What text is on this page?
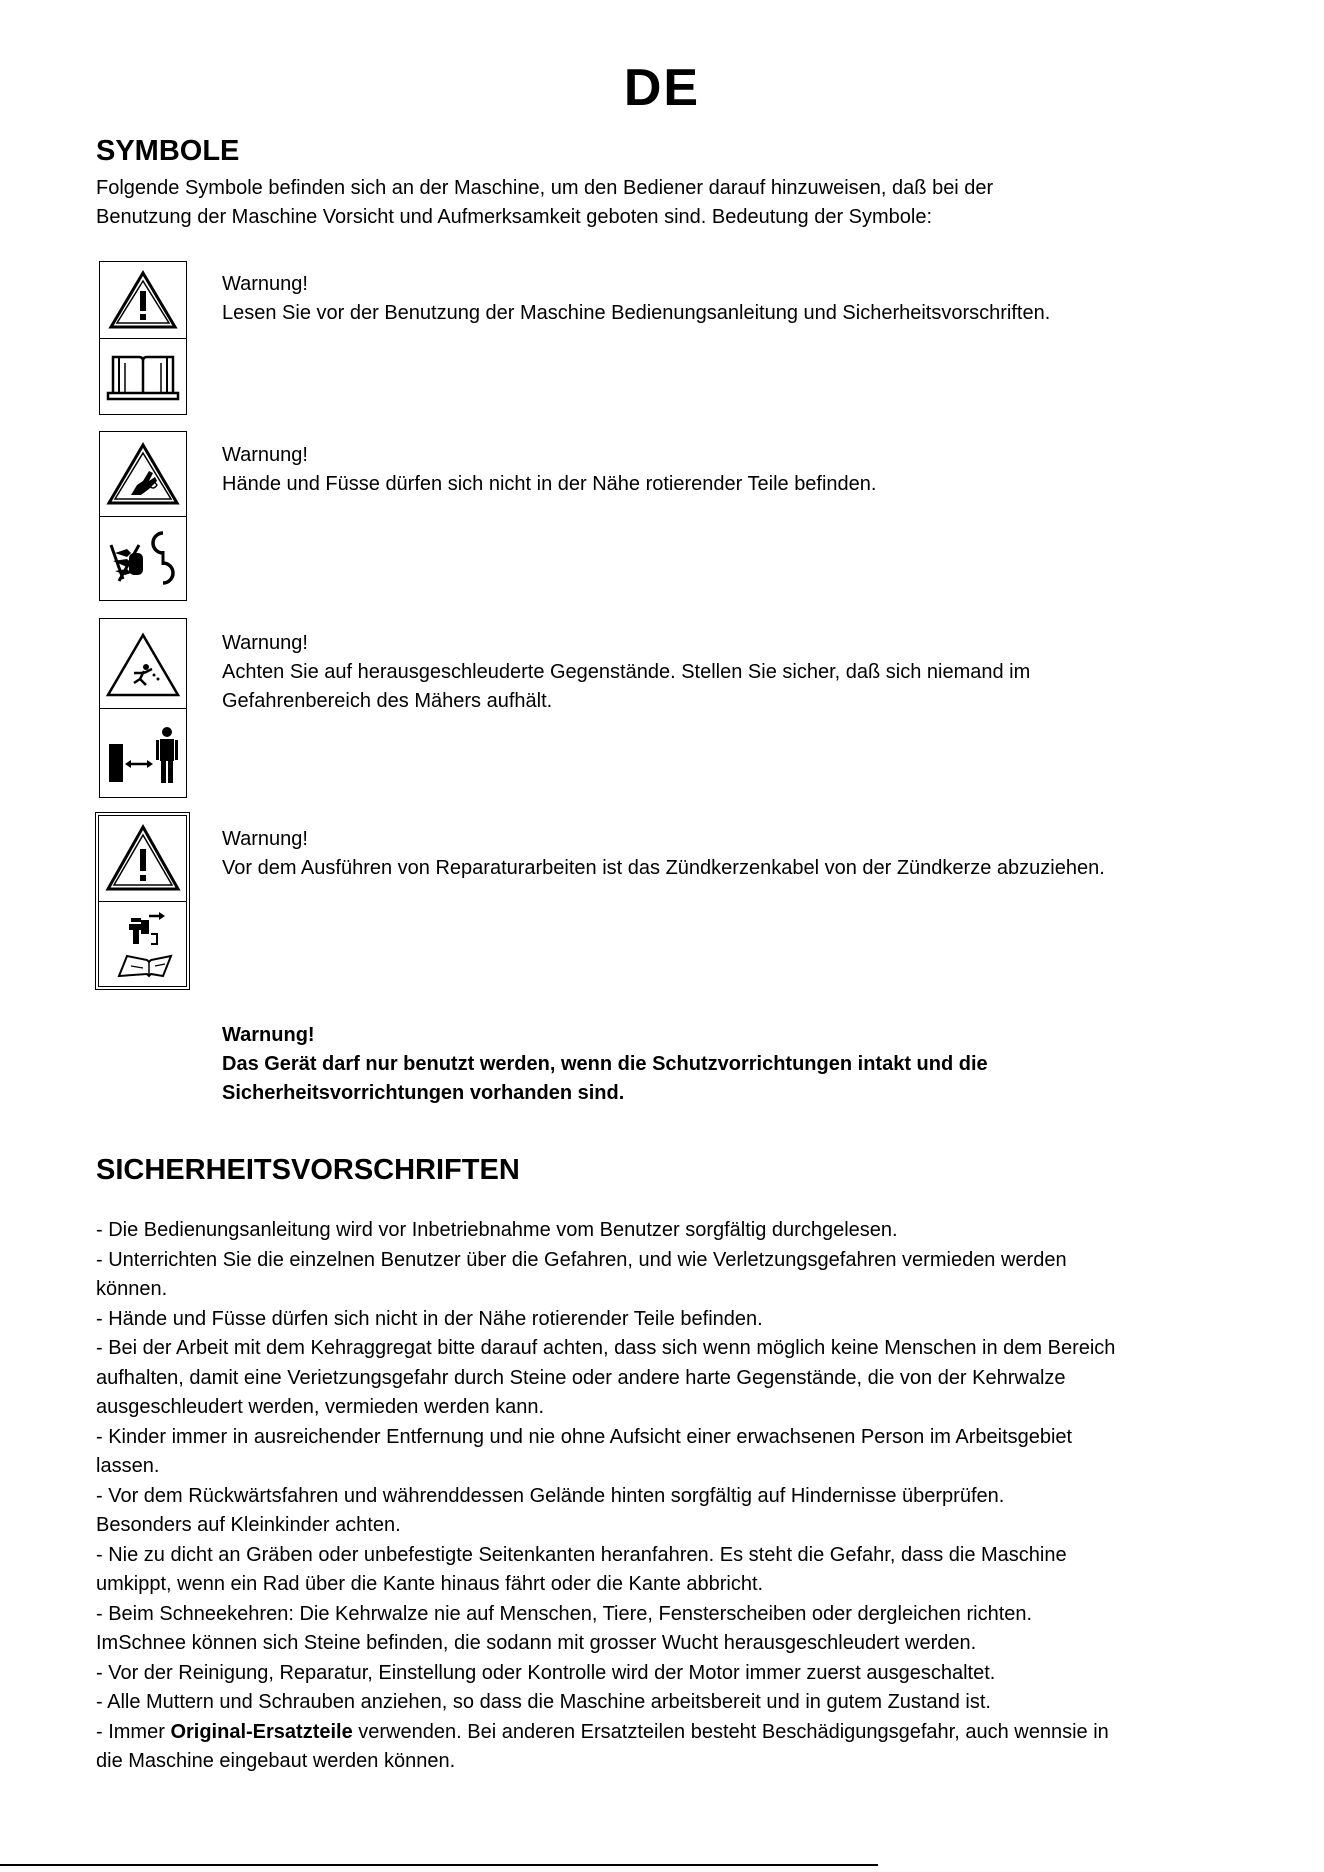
DE
SYMBOLE
Folgende Symbole befinden sich an der Maschine, um den Bediener darauf hinzuweisen, daß bei der
Benutzung der Maschine Vorsicht und Aufmerksamkeit geboten sind. Bedeutung der Symbole:
Warnung!
Lesen Sie vor der Benutzung der Maschine Bedienungsanleitung und Sicherheitsvorschriften.
Warnung!
Hände und Füsse dürfen sich nicht in der Nähe rotierender Teile befinden.
Warnung!
Achten Sie auf herausgeschleuderte Gegenstände. Stellen Sie sicher, daß sich niemand im
Gefahrenbereich des Mähers aufhält.
Warnung!
Vor dem Ausführen von Reparaturarbeiten ist das Zündkerzenkabel von der Zündkerze abzuziehen.
Warnung!
Das Gerät darf nur benutzt werden, wenn die Schutzvorrichtungen intakt und die
Sicherheitsvorrichtungen vorhanden sind.
SICHERHEITSVORSCHRIFTEN
- Die Bedienungsanleitung wird vor Inbetriebnahme vom Benutzer sorgfältig durchgelesen.
- Unterrichten Sie die einzelnen Benutzer über die Gefahren, und wie Verletzungsgefahren vermieden werden
können.
- Hände und Füsse dürfen sich nicht in der Nähe rotierender Teile befinden.
- Bei der Arbeit mit dem Kehraggregat bitte darauf achten, dass sich wenn möglich keine Menschen in dem Bereich
aufhalten, damit eine Verietzungsgefahr durch Steine oder andere harte Gegenstände, die von der Kehrwalze
ausgeschleudert werden, vermieden werden kann.
- Kinder immer in ausreichender Entfernung und nie ohne Aufsicht einer erwachsenen Person im Arbeitsgebiet
lassen.
- Vor dem Rückwärtsfahren und währenddessen Gelände hinten sorgfältig auf Hindernisse überprüfen.
Besonders auf Kleinkinder achten.
- Nie zu dicht an Gräben oder unbefestigte Seitenkanten heranfahren. Es steht die Gefahr, dass die Maschine
umkippt, wenn ein Rad über die Kante hinaus fährt oder die Kante abbricht.
- Beim Schneekehren: Die Kehrwalze nie auf Menschen, Tiere, Fensterscheiben oder dergleichen richten.
ImSchnee können sich Steine befinden, die sodann mit grosser Wucht herausgeschleudert werden.
- Vor der Reinigung, Reparatur, Einstellung oder Kontrolle wird der Motor immer zuerst ausgeschaltet.
- Alle Muttern und Schrauben anziehen, so dass die Maschine arbeitsbereit und in gutem Zustand ist.
- Immer Original-Ersatzteile verwenden. Bei anderen Ersatzteilen besteht Beschädigungsgefahr, auch wennsie in
die Maschine eingebaut werden können.
